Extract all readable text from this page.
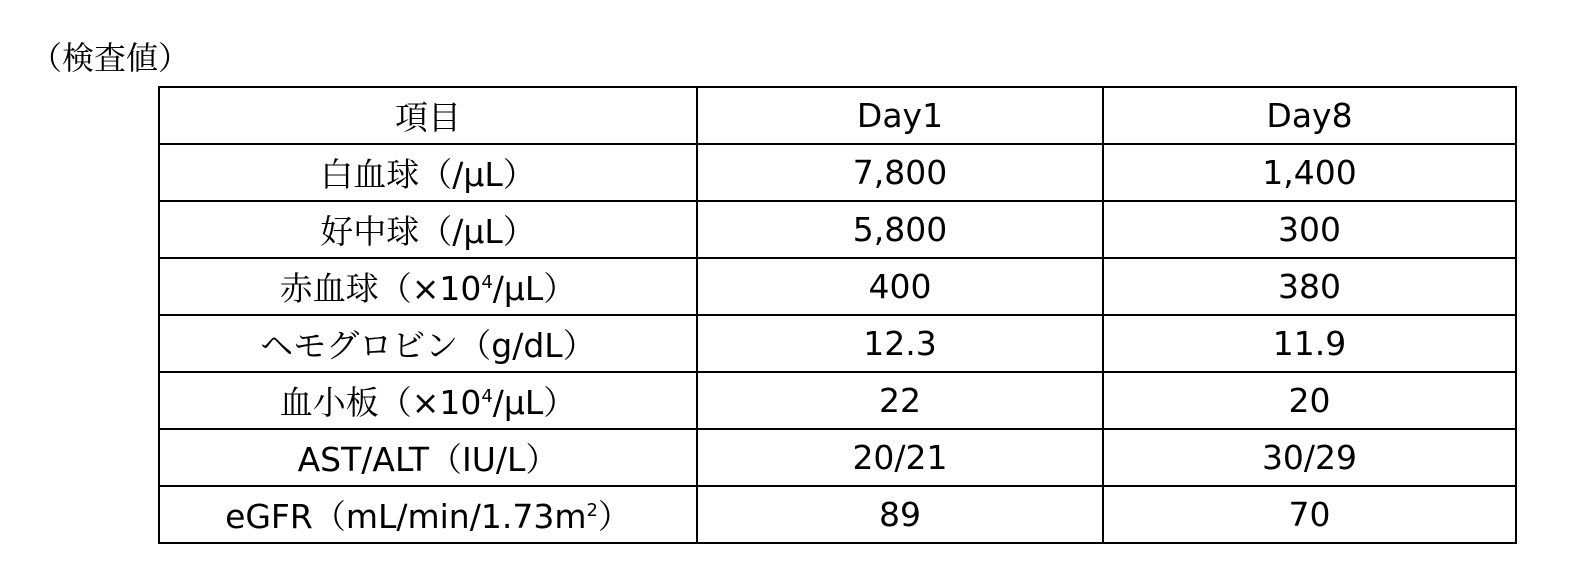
（検査値）
項目	Day1	Day8
白血球（/μL）	7,800	1,400
好中球（/μL）	5,800	300
赤血球$(\times 10^4/\mu L)$	400	380
ヘモグロビン（g/dL）	12.3	11.9
血小板$(\times 10^4/\mu L)$	22	20
AST/ALT（IU/L）	20/21	30/29
$eGFR(mL/\min/1.73m^2)$	89	70
